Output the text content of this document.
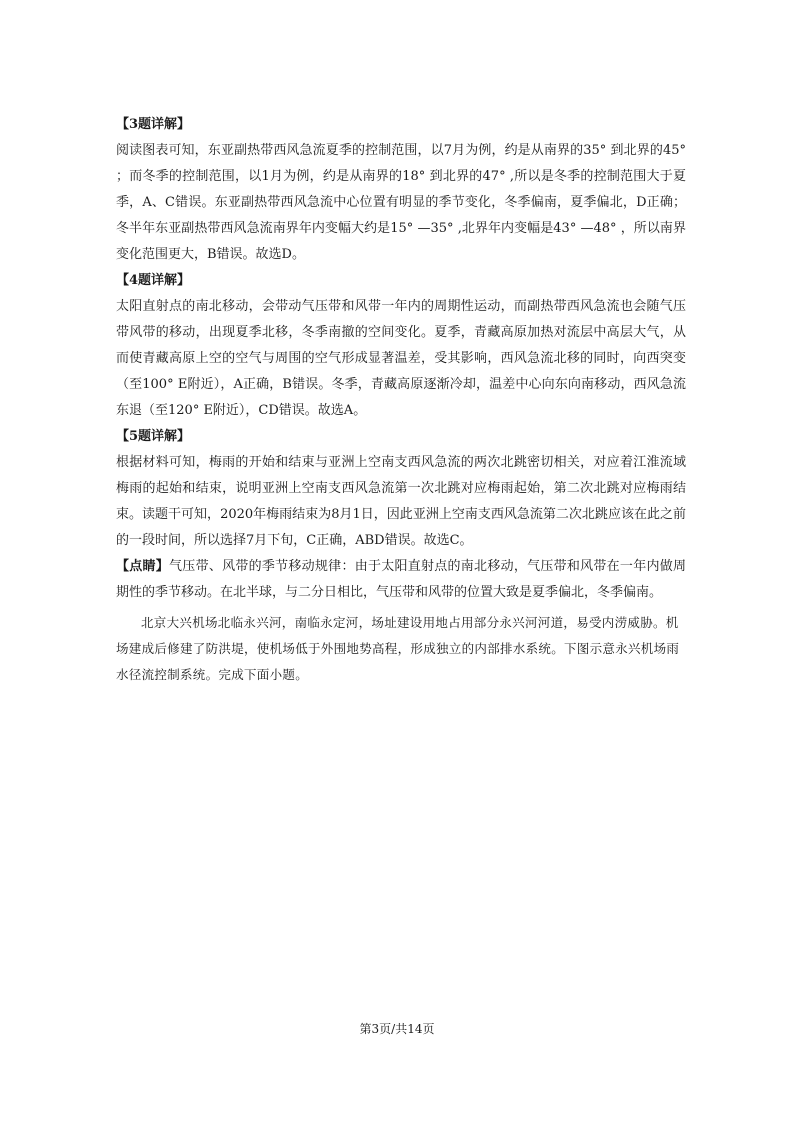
【3题详解】

阅读图表可知，东亚副热带西风急流夏季的控制范围，以7月为例，约是从南界的35° 到北界的45° ；而冬季的控制范围，以1月为例，约是从南界的18° 到北界的47° ,所以是冬季的控制范围大于夏季，A、C错误。东亚副热带西风急流中心位置有明显的季节变化，冬季偏南，夏季偏北，D正确；冬半年东亚副热带西风急流南界年内变幅大约是15° —35° ,北界年内变幅是43° —48° ，所以南界变化范围更大，B错误。故选D。

【4题详解】

太阳直射点的南北移动，会带动气压带和风带一年内的周期性运动，而副热带西风急流也会随气压带风带的移动，出现夏季北移，冬季南撤的空间变化。夏季，青藏高原加热对流层中高层大气，从而使青藏高原上空的空气与周围的空气形成显著温差，受其影响，西风急流北移的同时，向西突变（至100° E附近），A正确，B错误。冬季，青藏高原逐渐冷却，温差中心向东向南移动，西风急流东退（至120° E附近），CD错误。故选A。

【5题详解】

根据材料可知，梅雨的开始和结束与亚洲上空南支西风急流的两次北跳密切相关，对应着江淮流域梅雨的起始和结束，说明亚洲上空南支西风急流第一次北跳对应梅雨起始，第二次北跳对应梅雨结束。读题干可知，2020年梅雨结束为8月1日，因此亚洲上空南支西风急流第二次北跳应该在此之前的一段时间，所以选择7月下旬，C正确，ABD错误。故选C。

【点睛】气压带、风带的季节移动规律：由于太阳直射点的南北移动，气压带和风带在一年内做周期性的季节移动。在北半球，与二分日相比，气压带和风带的位置大致是夏季偏北，冬季偏南。

北京大兴机场北临永兴河，南临永定河，场址建设用地占用部分永兴河河道，易受内涝威胁。机场建成后修建了防洪堤，使机场低于外围地势高程，形成独立的内部排水系统。下图示意永兴机场雨水径流控制系统。完成下面小题。

第3页/共14页
